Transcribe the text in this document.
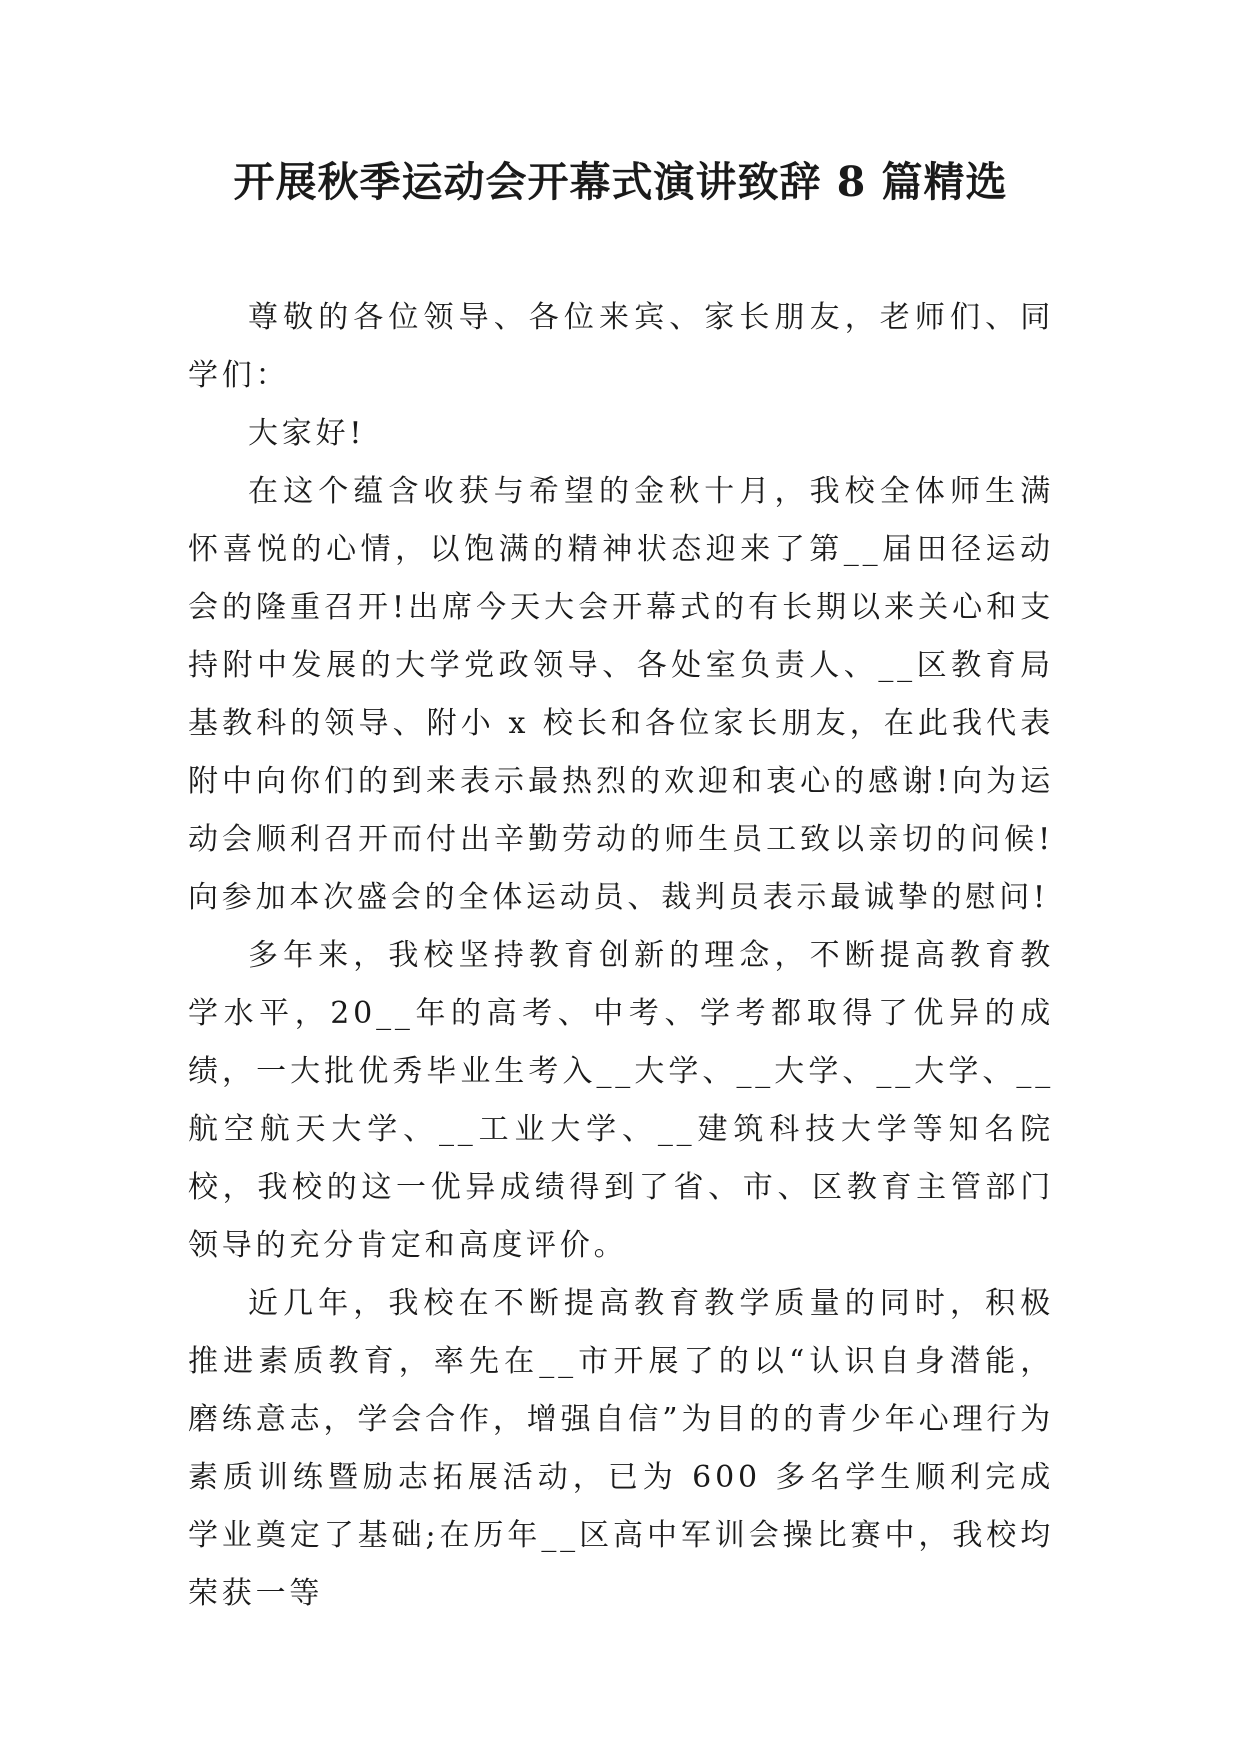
开展秋季运动会开幕式演讲致辞 8 篇精选

尊敬的各位领导、各位来宾、家长朋友，老师们、同学们：

大家好!

在这个蕴含收获与希望的金秋十月，我校全体师生满怀喜悦的心情，以饱满的精神状态迎来了第__届田径运动会的隆重召开!出席今天大会开幕式的有长期以来关心和支持附中发展的大学党政领导、各处室负责人、__区教育局基教科的领导、附小 x 校长和各位家长朋友，在此我代表附中向你们的到来表示最热烈的欢迎和衷心的感谢!向为运动会顺利召开而付出辛勤劳动的师生员工致以亲切的问候!向参加本次盛会的全体运动员、裁判员表示最诚挚的慰问!

多年来，我校坚持教育创新的理念，不断提高教育教学水平，20__年的高考、中考、学考都取得了优异的成绩，一大批优秀毕业生考入__大学、__大学、__大学、__航空航天大学、__工业大学、__建筑科技大学等知名院校，我校的这一优异成绩得到了省、市、区教育主管部门领导的充分肯定和高度评价。

近几年，我校在不断提高教育教学质量的同时，积极推进素质教育，率先在__市开展了的以“认识自身潜能，磨练意志，学会合作，增强自信”为目的的青少年心理行为素质训练暨励志拓展活动，已为 600 多名学生顺利完成学业奠定了基础;在历年__区高中军训会操比赛中，我校均荣获一等
